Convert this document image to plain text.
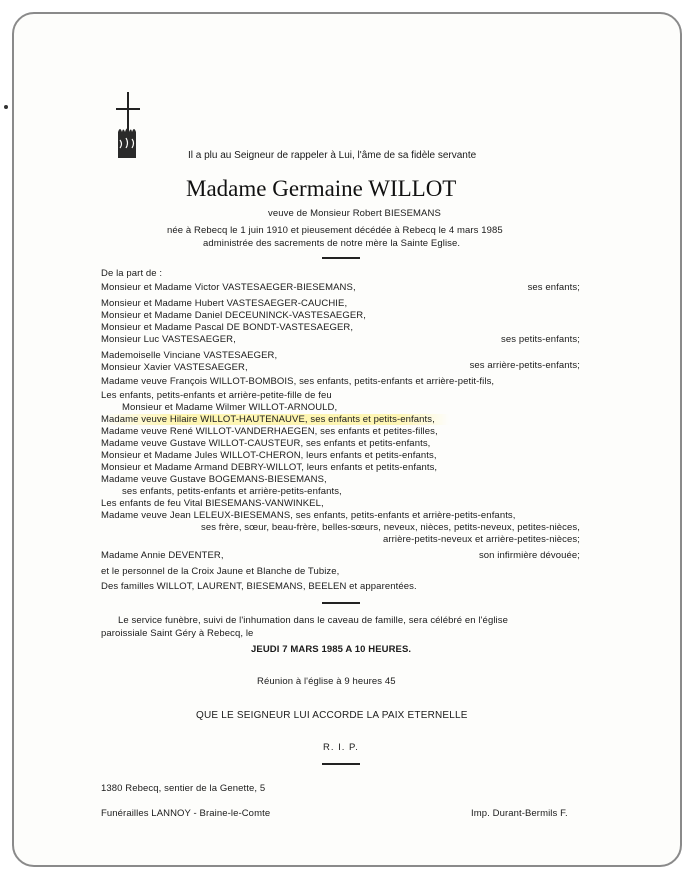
Il a plu au Seigneur de rappeler à Lui, l'âme de sa fidèle servante
Madame Germaine WILLOT
veuve de Monsieur Robert BIESEMANS
née à Rebecq le 1 juin 1910 et pieusement décédée à Rebecq le 4 mars 1985
administrée des sacrements de notre mère la Sainte Eglise.
De la part de :
Monsieur et Madame Victor VASTESAEGER-BIESEMANS,	ses enfants;
Monsieur et Madame Hubert VASTESAEGER-CAUCHIE,
Monsieur et Madame Daniel DECEUNINCK-VASTESAEGER,
Monsieur et Madame Pascal DE BONDT-VASTESAEGER,
Monsieur Luc VASTESAEGER,	ses petits-enfants;
Mademoiselle Vinciane VASTESAEGER,
Monsieur Xavier VASTESAEGER,	ses arrière-petits-enfants;
Madame veuve François WILLOT-BOMBOIS, ses enfants, petits-enfants et arrière-petit-fils,
Les enfants, petits-enfants et arrière-petite-fille de feu
Monsieur et Madame Wilmer WILLOT-ARNOULD,
Madame veuve Hilaire WILLOT-HAUTENAUVE, ses enfants et petits-enfants,
Madame veuve René WILLOT-VANDERHAEGEN, ses enfants et petites-filles,
Madame veuve Gustave WILLOT-CAUSTEUR, ses enfants et petits-enfants,
Monsieur et Madame Jules WILLOT-CHERON, leurs enfants et petits-enfants,
Monsieur et Madame Armand DEBRY-WILLOT, leurs enfants et petits-enfants,
Madame veuve Gustave BOGEMANS-BIESEMANS,
ses enfants, petits-enfants et arrière-petits-enfants,
Les enfants de feu Vital BIESEMANS-VANWINKEL,
Madame veuve Jean LELEUX-BIESEMANS, ses enfants, petits-enfants et arrière-petits-enfants,
ses frère, sœur, beau-frère, belles-sœurs, neveux, nièces, petits-neveux, petites-nièces,
arrière-petits-neveux et arrière-petites-nièces;
Madame Annie DEVENTER,	son infirmière dévouée;
et le personnel de la Croix Jaune et Blanche de Tubize,
Des familles WILLOT, LAURENT, BIESEMANS, BEELEN et apparentées.
Le service funèbre, suivi de l'inhumation dans le caveau de famille, sera célébré en l'église
paroissiale Saint Géry à Rebecq, le
JEUDI 7 MARS 1985 A 10 HEURES.
Réunion à l'église à 9 heures 45
QUE LE SEIGNEUR LUI ACCORDE LA PAIX ETERNELLE
R. I. P.
1380 Rebecq, sentier de la Genette, 5
Funérailles LANNOY - Braine-le-Comte	Imp. Durant-Bermils F.
